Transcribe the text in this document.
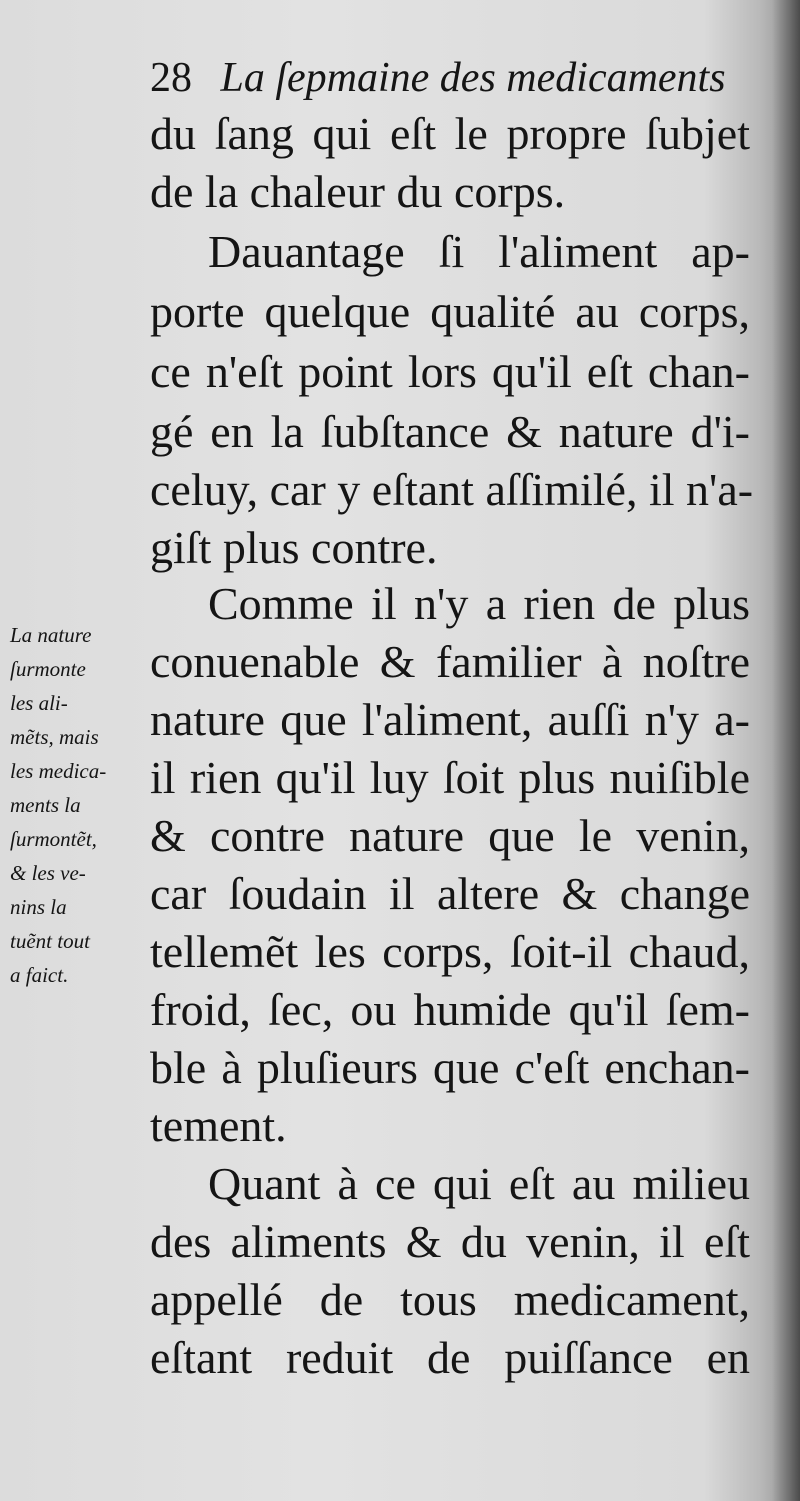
28 La ſepmaine des medicaments
du ſang qui eſt le propre ſubjet
de la chaleur du corps.
Dauantage ſi l'aliment ap-
porte quelque qualité au corps,
ce n'eſt point lors qu'il eſt chan-
gé en la ſubſtance & nature d'i-
celuy, car y eſtant aſſimilé, il n'a-
giſt plus contre.
Comme il n'y a rien de plus
conuenable & familier à noſtre
nature que l'aliment, auſſi n'y a-
il rien qu'il luy ſoit plus nuiſible
& contre nature que le venin,
car ſoudain il altere & change
tellemẽt les corps, ſoit-il chaud,
froid, ſec, ou humide qu'il ſem-
ble à pluſieurs que c'eſt enchan-
tement.
Quant à ce qui eſt au milieu
des aliments & du venin, il eſt
appellé de tous medicament,
eſtant reduit de puiſſance en
La nature
ſurmonte
les ali-
mẽts, mais
les medica-
ments la
ſurmontẽt,
& les ve-
nins la
tuẽnt tout
a faict.
